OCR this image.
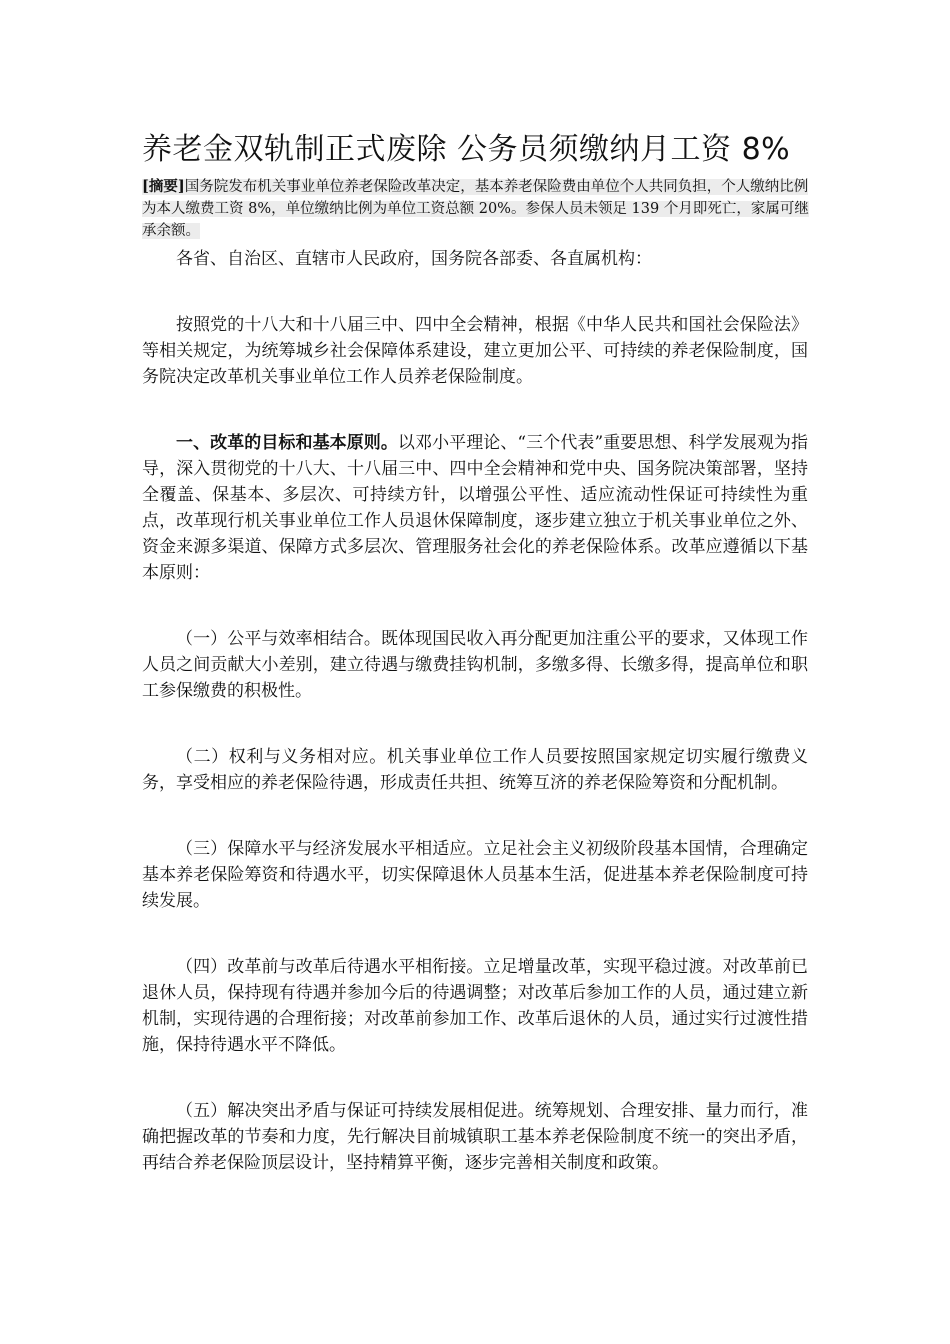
养老金双轨制正式废除 公务员须缴纳月工资 8%
[摘要]国务院发布机关事业单位养老保险改革决定，基本养老保险费由单位个人共同负担，个人缴纳比例为本人缴费工资 8%，单位缴纳比例为单位工资总额 20%。参保人员未领足 139 个月即死亡，家属可继承余额。

各省、自治区、直辖市人民政府，国务院各部委、各直属机构：

按照党的十八大和十八届三中、四中全会精神，根据《中华人民共和国社会保险法》等相关规定，为统筹城乡社会保障体系建设，建立更加公平、可持续的养老保险制度，国务院决定改革机关事业单位工作人员养老保险制度。

一、改革的目标和基本原则。以邓小平理论、“三个代表”重要思想、科学发展观为指导，深入贯彻党的十八大、十八届三中、四中全会精神和党中央、国务院决策部署，坚持全覆盖、保基本、多层次、可持续方针，以增强公平性、适应流动性保证可持续性为重点，改革现行机关事业单位工作人员退休保障制度，逐步建立独立于机关事业单位之外、资金来源多渠道、保障方式多层次、管理服务社会化的养老保险体系。改革应遵循以下基本原则：

（一）公平与效率相结合。既体现国民收入再分配更加注重公平的要求，又体现工作人员之间贡献大小差别，建立待遇与缴费挂钩机制，多缴多得、长缴多得，提高单位和职工参保缴费的积极性。

（二）权利与义务相对应。机关事业单位工作人员要按照国家规定切实履行缴费义务，享受相应的养老保险待遇，形成责任共担、统筹互济的养老保险筹资和分配机制。

（三）保障水平与经济发展水平相适应。立足社会主义初级阶段基本国情，合理确定基本养老保险筹资和待遇水平，切实保障退休人员基本生活，促进基本养老保险制度可持续发展。

（四）改革前与改革后待遇水平相衔接。立足增量改革，实现平稳过渡。对改革前已退休人员，保持现有待遇并参加今后的待遇调整；对改革后参加工作的人员，通过建立新机制，实现待遇的合理衔接；对改革前参加工作、改革后退休的人员，通过实行过渡性措施，保持待遇水平不降低。

（五）解决突出矛盾与保证可持续发展相促进。统筹规划、合理安排、量力而行，准确把握改革的节奏和力度，先行解决目前城镇职工基本养老保险制度不统一的突出矛盾，再结合养老保险顶层设计，坚持精算平衡，逐步完善相关制度和政策。
